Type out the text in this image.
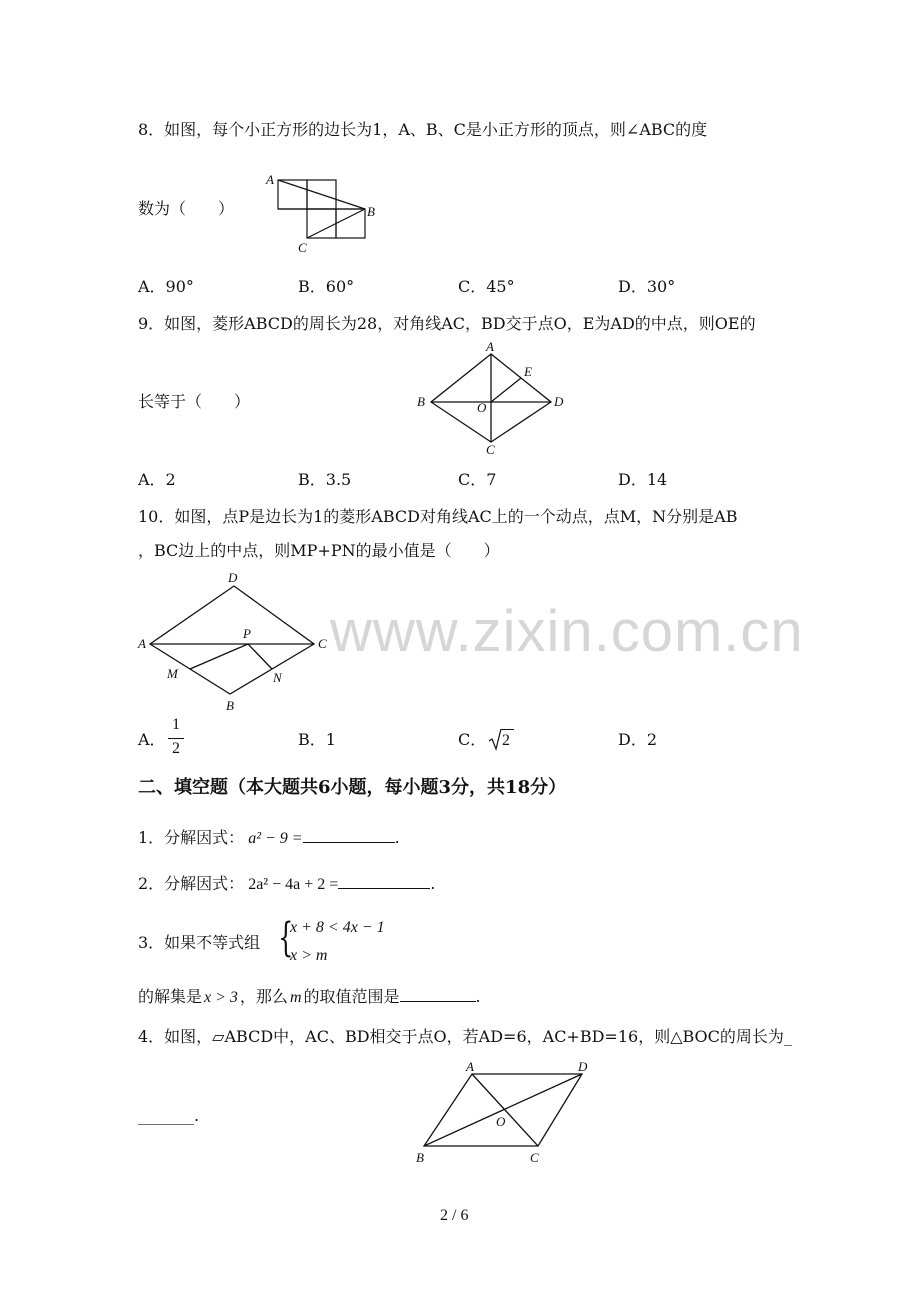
www.zixin.com.cn
8．如图，每个小正方形的边长为1，A、B、C是小正方形的顶点，则∠ABC的度
数为（　　）
A
B
C
A．90°	B．60°	C．45°	D．30°
9．如图，菱形ABCD的周长为28，对角线AC，BD交于点O，E为AD的中点，则OE的
长等于（　　）
A
B
C
D
E
O
A．2	B．3.5	C．7	D．14
10．如图，点P是边长为1的菱形ABCD对角线AC上的一个动点，点M，N分别是AB
，BC边上的中点，则MP+PN的最小值是（　　）
D
A	C
P
M	N
B
A．
1
2	B．1	C． 2	D．2
二、填空题（本大题共6小题，每小题3分，共18分）
1．分解因式： a² − 9 =	.
2．分解因式： 2a² − 4a + 2 =	.
3．如果不等式组 {
x + 8 < 4x − 1
x > m
的解集是 x > 3 ，那么 m 的取值范围是	.
4．如图，▱ABCD中，AC、BD相交于点O，若AD=6，AC+BD=16，则△BOC的周长为_
_______.
A	D
B	C
O
2 / 6
